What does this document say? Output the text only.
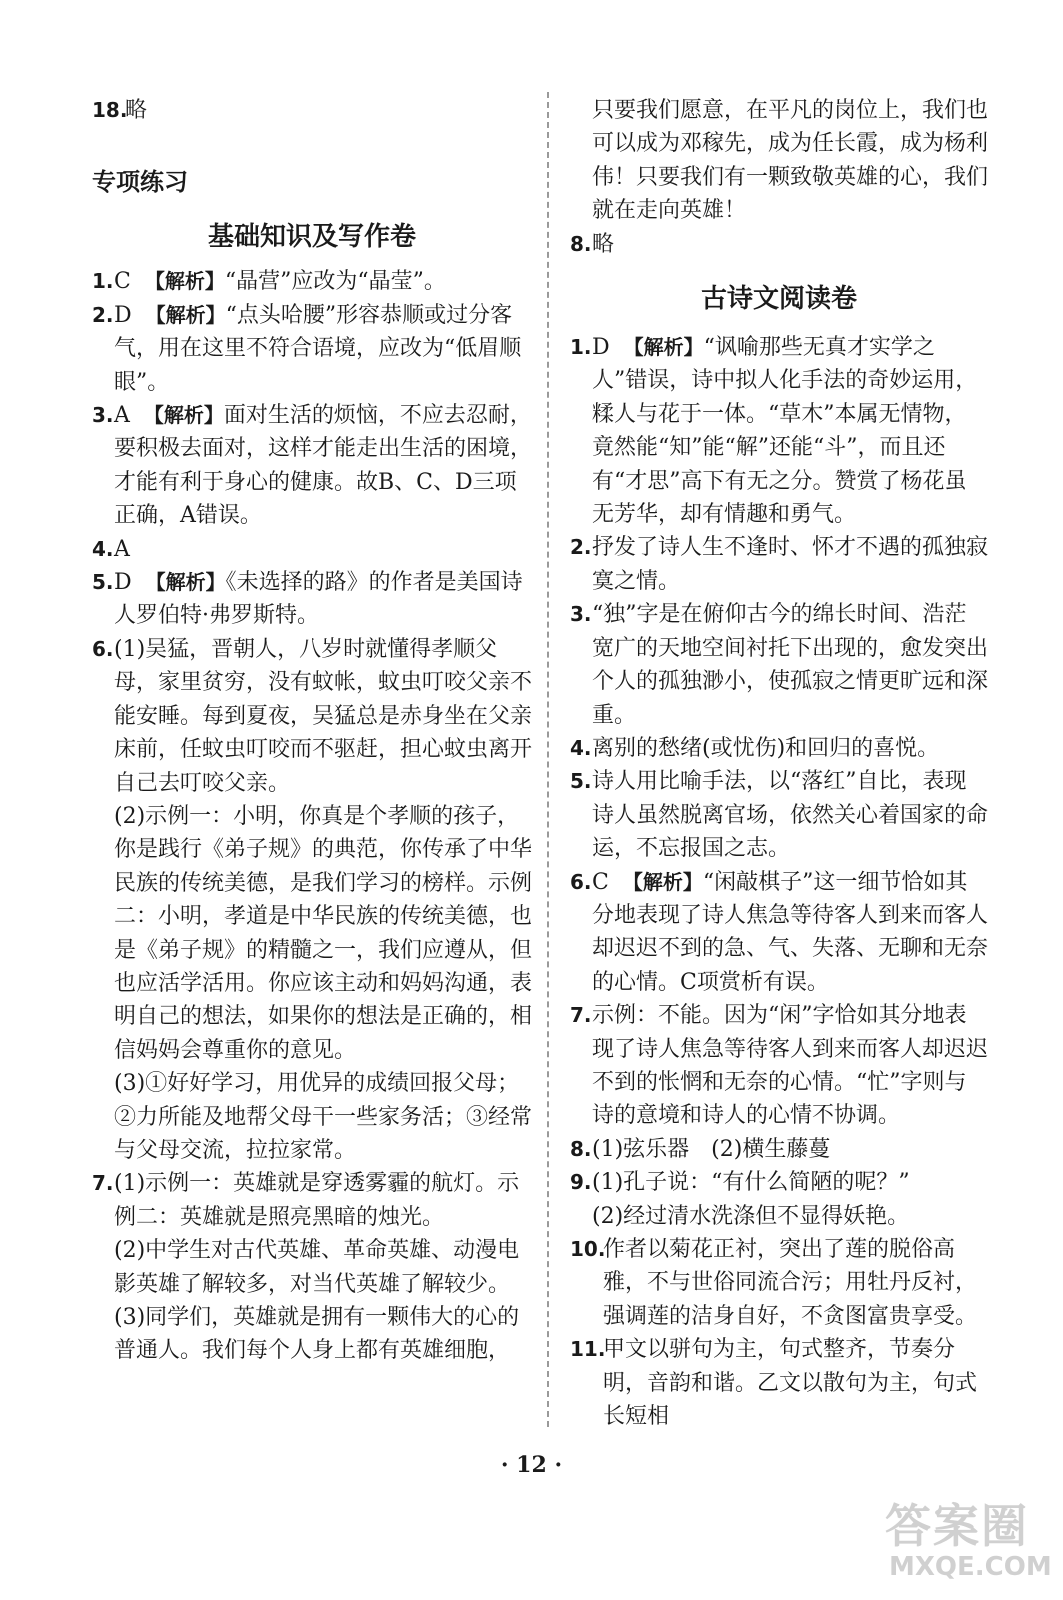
18.
略

专项练习
基础知识及写作卷

1. C 【解析】“晶营”应改为“晶莹”。

2. D 【解析】“点头哈腰”形容恭顺或过分客气，用在这里不符合语境，应改为“低眉顺眼”。

3. A 【解析】面对生活的烦恼，不应去忍耐，要积极去面对，这样才能走出生活的困境，才能有利于身心的健康。故B、C、D三项正确，A错误。

4. A

5. D 【解析】《未选择的路》的作者是美国诗人罗伯特·弗罗斯特。

6. (1)吴猛，晋朝人，八岁时就懂得孝顺父母，家里贫穷，没有蚊帐，蚊虫叮咬父亲不能安睡。每到夏夜，吴猛总是赤身坐在父亲床前，任蚊虫叮咬而不驱赶，担心蚊虫离开自己去叮咬父亲。

(2)示例一：小明，你真是个孝顺的孩子，你是践行《弟子规》的典范，你传承了中华民族的传统美德，是我们学习的榜样。示例二：小明，孝道是中华民族的传统美德，也是《弟子规》的精髓之一，我们应遵从，但也应活学活用。你应该主动和妈妈沟通，表明自己的想法，如果你的想法是正确的，相信妈妈会尊重你的意见。

(3)①好好学习，用优异的成绩回报父母；②力所能及地帮父母干一些家务活；③经常与父母交流，拉拉家常。

7. (1)示例一：英雄就是穿透雾霾的航灯。示例二：英雄就是照亮黑暗的烛光。

(2)中学生对古代英雄、革命英雄、动漫电影英雄了解较多，对当代英雄了解较少。

(3)同学们，英雄就是拥有一颗伟大的心的普通人。我们每个人身上都有英雄细胞，

只要我们愿意，在平凡的岗位上，我们也可以成为邓稼先，成为任长霞，成为杨利伟！只要我们有一颗致敬英雄的心，我们就在走向英雄！

8. 略

古诗文阅读卷

1. D 【解析】“讽喻那些无真才实学之人”错误，诗中拟人化手法的奇妙运用，糅人与花于一体。“草木”本属无情物，竟然能“知”能“解”还能“斗”，而且还有“才思”高下有无之分。赞赏了杨花虽无芳华，却有情趣和勇气。

2. 抒发了诗人生不逢时、怀才不遇的孤独寂寞之情。

3. “独”字是在俯仰古今的绵长时间、浩茫宽广的天地空间衬托下出现的，愈发突出个人的孤独渺小，使孤寂之情更旷远和深重。

4. 离别的愁绪(或忧伤)和回归的喜悦。

5. 诗人用比喻手法，以“落红”自比，表现诗人虽然脱离官场，依然关心着国家的命运，不忘报国之志。

6. C 【解析】“闲敲棋子”这一细节恰如其分地表现了诗人焦急等待客人到来而客人却迟迟不到的急、气、失落、无聊和无奈的心情。C项赏析有误。

7. 示例：不能。因为“闲”字恰如其分地表现了诗人焦急等待客人到来而客人却迟迟不到的怅惘和无奈的心情。“忙”字则与诗的意境和诗人的心情不协调。

8. (1)弦乐器　(2)横生藤蔓

9. (1)孔子说：“有什么简陋的呢？”

(2)经过清水洗涤但不显得妖艳。

10.
作者以菊花正衬，突出了莲的脱俗高雅，不与世俗同流合污；用牡丹反衬，强调莲的洁身自好，不贪图富贵享受。

11.
甲文以骈句为主，句式整齐，节奏分明，音韵和谐。乙文以散句为主，句式长短相

· 12 ·
答案圈
MXQE.COM
